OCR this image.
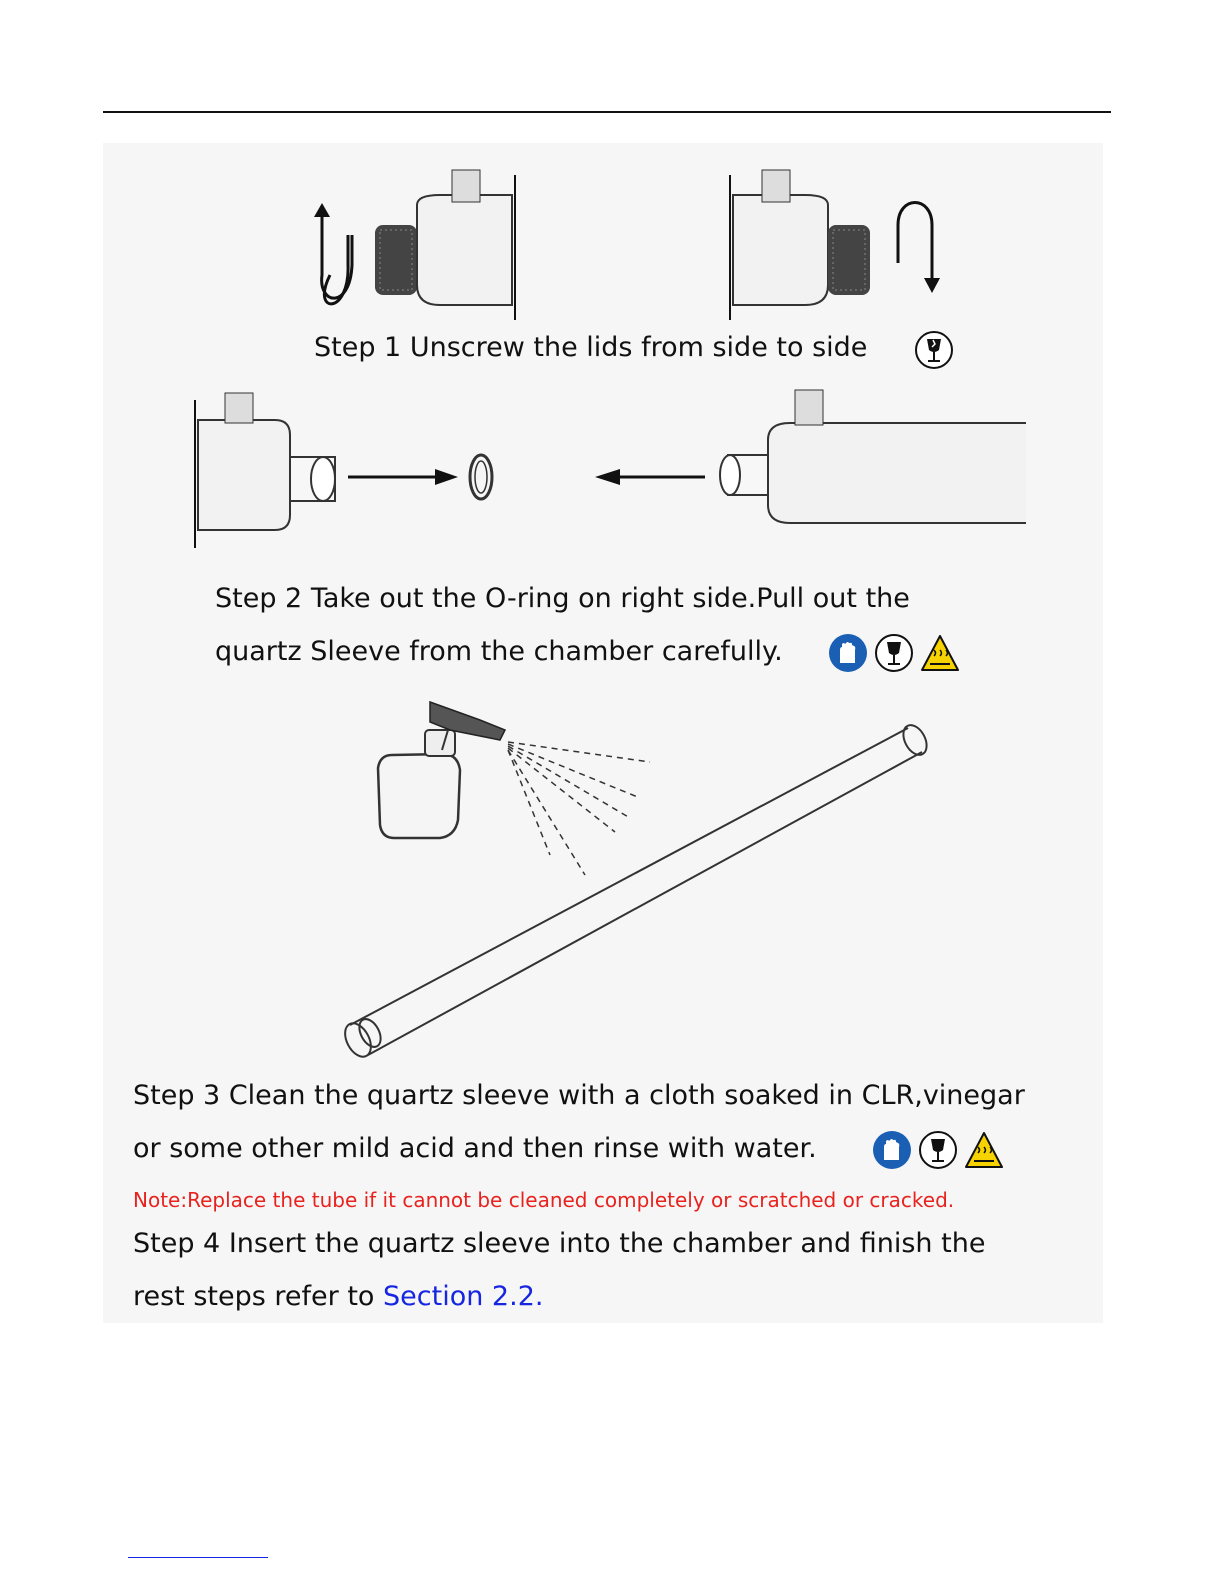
Step 1 Unscrew the lids from side to side
Step 2 Take out the O-ring on right side.Pull out the
quartz Sleeve from the chamber carefully.
Step 3 Clean the quartz sleeve with a cloth soaked in CLR,vinegar
or some other mild acid and then rinse with water.
Note:Replace the tube if it cannot be cleaned completely or scratched or cracked.
Step 4 Insert the quartz sleeve into the chamber and finish the
rest steps refer to Section 2.2.
